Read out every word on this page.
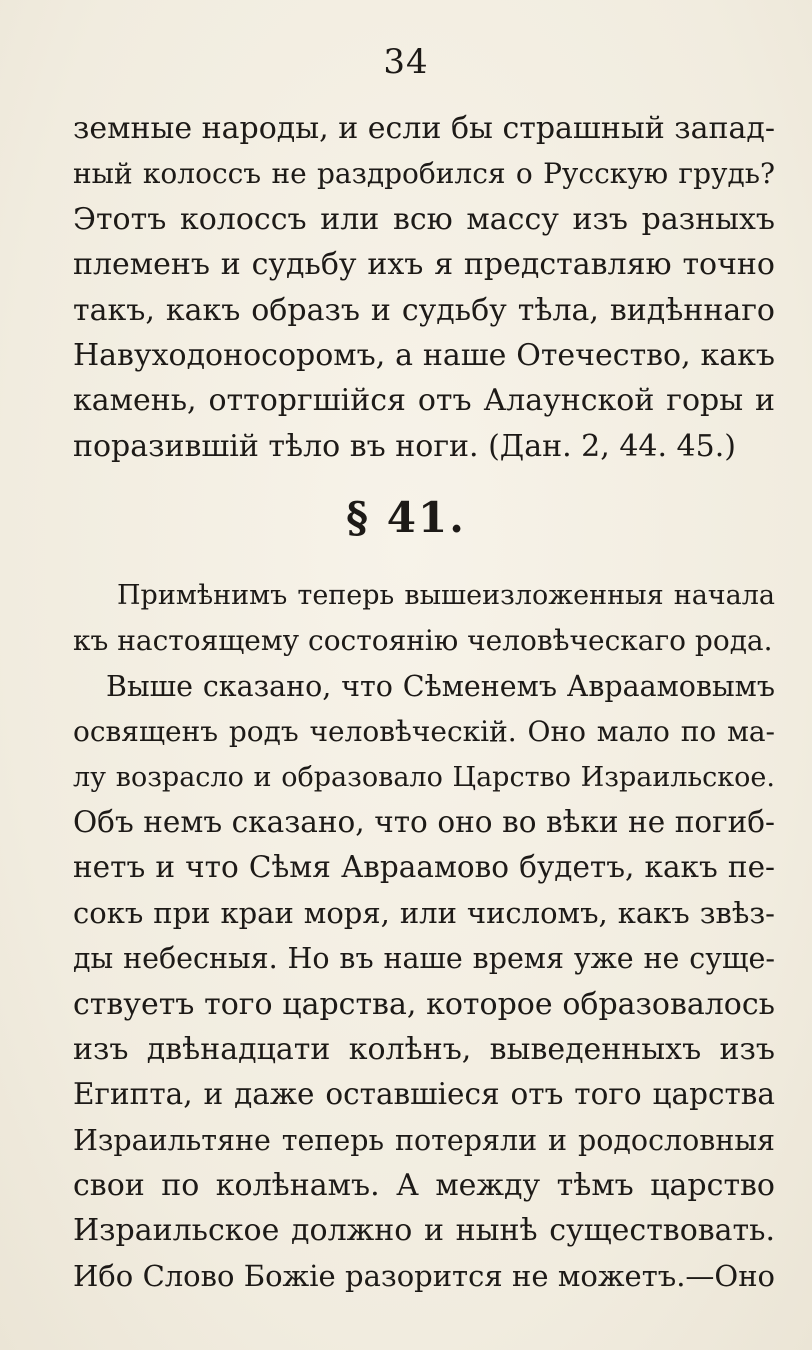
34
земные народы, и если бы страшный запад-
ный колоссъ не раздробился о Русскую грудь?
Этотъ колоссъ или всю массу изъ разныхъ
племенъ и судьбу ихъ я представляю точно
такъ, какъ образъ и судьбу тѣла, видѣннаго
Навуходоносоромъ, а наше Отечество, какъ
камень, отторгшійся отъ Алаунской горы и
поразившій тѣло въ ноги. (Дан. 2, 44. 45.)
§ 41.
Примѣнимъ теперь вышеизложенныя начала
къ настоящему состоянію человѣческаго рода.
Выше сказано, что Сѣменемъ Авраамовымъ
освященъ родъ человѣческій. Оно мало по ма-
лу возрасло и образовало Царство Израильское.
Объ немъ сказано, что оно во вѣки не погиб-
нетъ и что Сѣмя Авраамово будетъ, какъ пе-
сокъ при краи моря, или числомъ, какъ звѣз-
ды небесныя. Но въ наше время уже не суще-
ствуетъ того царства, которое образовалось
изъ двѣнадцати колѣнъ, выведенныхъ изъ
Египта, и даже оставшіеся отъ того царства
Израильтяне теперь потеряли и родословныя
свои по колѣнамъ. А между тѣмъ царство
Израильское должно и нынѣ существовать.
Ибо Слово Божіе разорится не можетъ.—Оно
